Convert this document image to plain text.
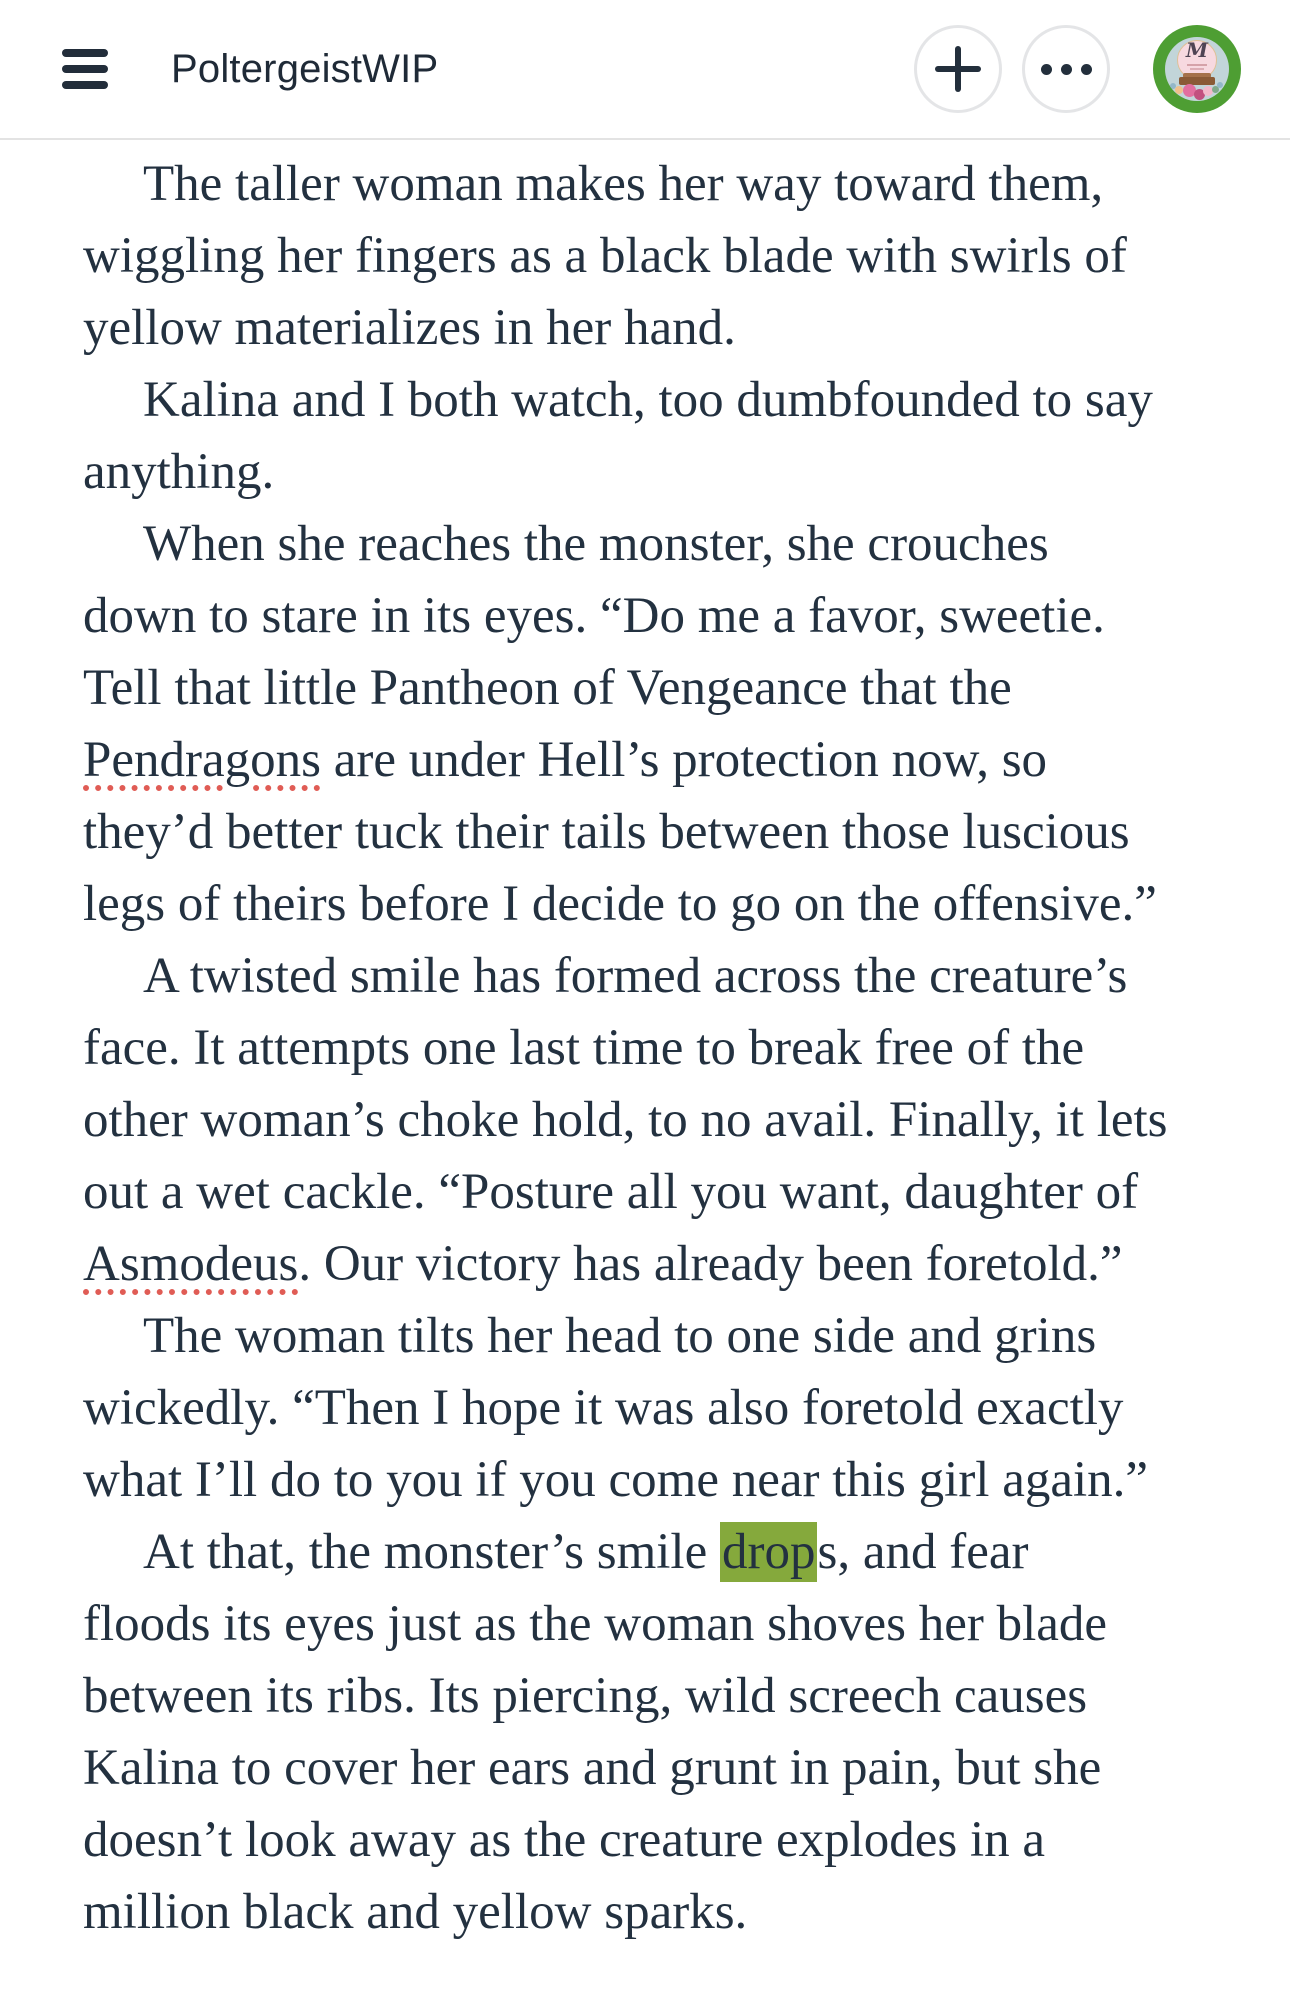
PoltergeistWIP	M

The taller woman makes her way toward them,
wiggling her fingers as a black blade with swirls of
yellow materializes in her hand.

Kalina and I both watch, too dumbfounded to say
anything.

When she reaches the monster, she crouches
down to stare in its eyes. “Do me a favor, sweetie.
Tell that little Pantheon of Vengeance that the
Pendragons are under Hell’s protection now, so
they’d better tuck their tails between those luscious
legs of theirs before I decide to go on the offensive.”

A twisted smile has formed across the creature’s
face. It attempts one last time to break free of the
other woman’s choke hold, to no avail. Finally, it lets
out a wet cackle. “Posture all you want, daughter of
Asmodeus. Our victory has already been foretold.”

The woman tilts her head to one side and grins
wickedly. “Then I hope it was also foretold exactly
what I’ll do to you if you come near this girl again.”

At that, the monster’s smile drops, and fear
floods its eyes just as the woman shoves her blade
between its ribs. Its piercing, wild screech causes
Kalina to cover her ears and grunt in pain, but she
doesn’t look away as the creature explodes in a
million black and yellow sparks.
